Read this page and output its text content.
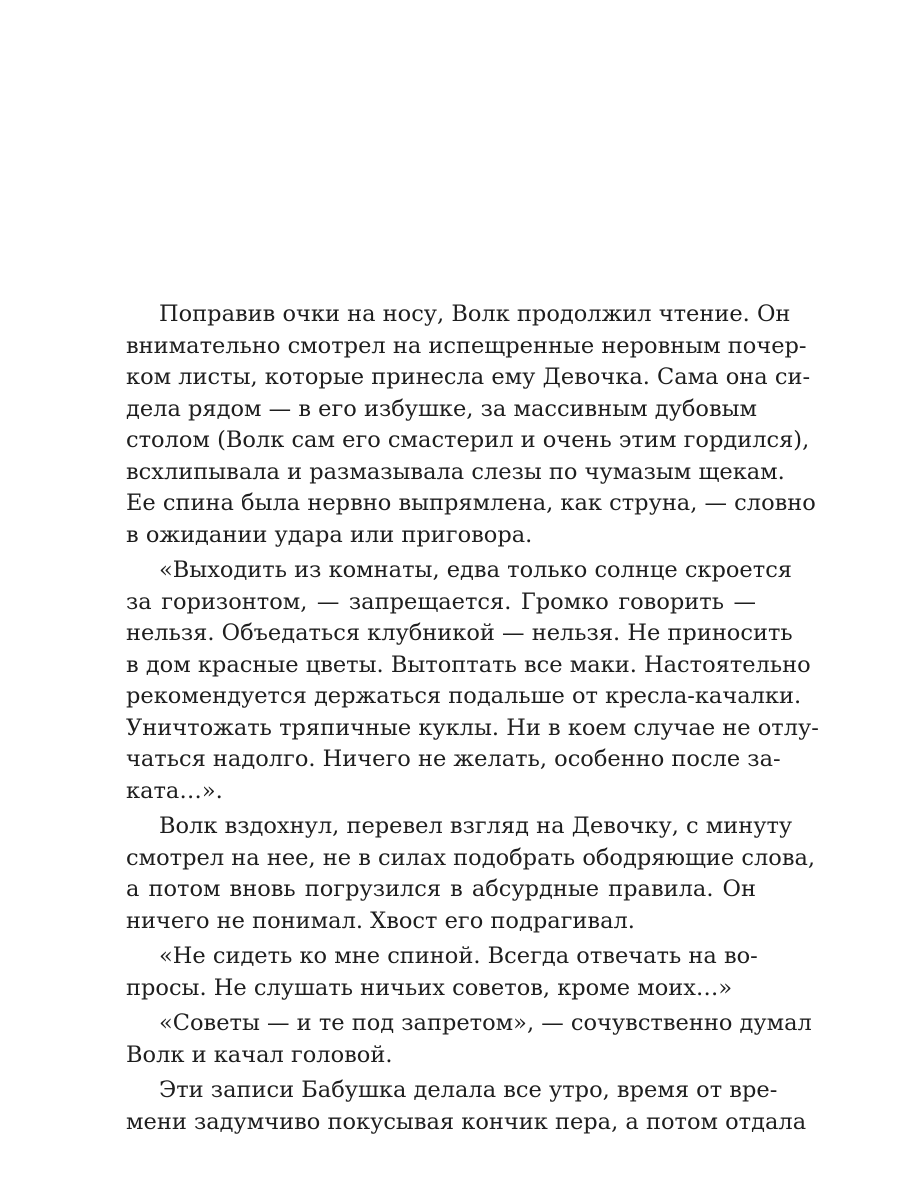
Поправив очки на носу, Волк продолжил чтение. Он
внимательно смотрел на испещренные неровным почер-
ком листы, которые принесла ему Девочка. Сама она си-
дела рядом — в его избушке, за массивным дубовым
столом (Волк сам его смастерил и очень этим гордился),
всхлипывала и размазывала слезы по чумазым щекам.
Ее спина была нервно выпрямлена, как струна, — словно
в ожидании удара или приговора.
«Выходить из комнаты, едва только солнце скроется
за горизонтом, — запрещается. Громко говорить —
нельзя. Объедаться клубникой — нельзя. Не приносить
в дом красные цветы. Вытоптать все маки. Настоятельно
рекомендуется держаться подальше от кресла-качалки.
Уничтожать тряпичные куклы. Ни в коем случае не отлу-
чаться надолго. Ничего не желать, особенно после за-
ката…».
Волк вздохнул, перевел взгляд на Девочку, с минуту
смотрел на нее, не в силах подобрать ободряющие слова,
а потом вновь погрузился в абсурдные правила. Он
ничего не понимал. Хвост его подрагивал.
«Не сидеть ко мне спиной. Всегда отвечать на во-
просы. Не слушать ничьих советов, кроме моих…»
«Советы — и те под запретом», — сочувственно думал
Волк и качал головой.
Эти записи Бабушка делала все утро, время от вре-
мени задумчиво покусывая кончик пера, а потом отдала
